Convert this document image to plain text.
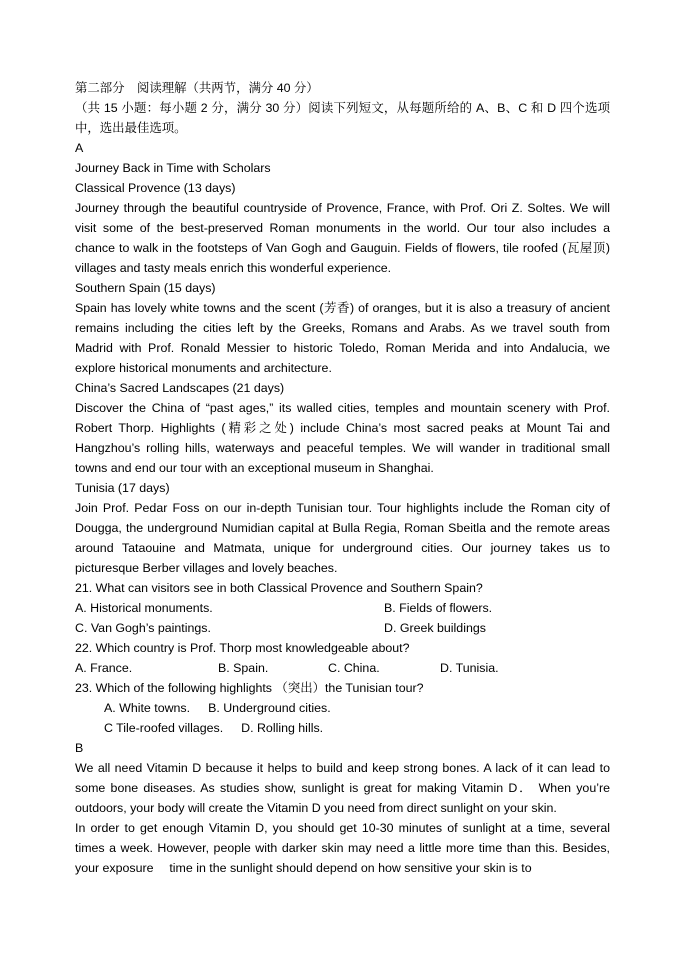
第二部分　阅读理解（共两节，满分 40 分）
（共 15 小题：每小题 2 分，满分 30 分）阅读下列短文，从每题所给的 A、B、C 和 D 四个选项中，选出最佳选项。
A
Journey Back in Time with Scholars
Classical Provence (13 days)
Journey through the beautiful countryside of Provence, France, with Prof. Ori Z. Soltes. We will visit some of the best-preserved Roman monuments in the world. Our tour also includes a chance to walk in the footsteps of Van Gogh and Gauguin. Fields of flowers, tile roofed (瓦屋顶) villages and tasty meals enrich this wonderful experience.
Southern Spain (15 days)
Spain has lovely white towns and the scent (芳香) of oranges, but it is also a treasury of ancient remains including the cities left by the Greeks, Romans and Arabs. As we travel south from Madrid with Prof. Ronald Messier to historic Toledo, Roman Merida and into Andalucia, we explore historical monuments and architecture.
China’s Sacred Landscapes (21 days)
Discover the China of “past ages,” its walled cities, temples and mountain scenery with Prof. Robert Thorp. Highlights (精彩之处) include China’s most sacred peaks at Mount Tai and Hangzhou’s rolling hills, waterways and peaceful temples. We will wander in traditional small towns and end our tour with an exceptional museum in Shanghai.
Tunisia (17 days)
Join Prof. Pedar Foss on our in-depth Tunisian tour. Tour highlights include the Roman city of Dougga, the underground Numidian capital at Bulla Regia, Roman Sbeitla and the remote areas around Tataouine and Matmata, unique for underground cities. Our journey takes us to picturesque Berber villages and lovely beaches.
21. What can visitors see in both Classical Provence and Southern Spain?
A. Historical monuments.	B. Fields of flowers.
C. Van Gogh’s paintings.	D. Greek buildings
22. Which country is Prof. Thorp most knowledgeable about?
A. France.	B. Spain.	C. China.	D. Tunisia.
23. Which of the following highlights （突出）the Tunisian tour?
A. White towns. B. Underground cities.
C Tile-roofed villages. D. Rolling hills.
B
We all need Vitamin D because it helps to build and keep strong bones. A lack of it can lead to some bone diseases. As studies show, sunlight is great for making Vitamin D． When you’re outdoors, your body will create the Vitamin D you need from direct sunlight on your skin.
In order to get enough Vitamin D, you should get 10-30 minutes of sunlight at a time, several times a week. However, people with darker skin may need a little more time than this. Besides, your exposure　 time in the sunlight should depend on how sensitive your skin is to
